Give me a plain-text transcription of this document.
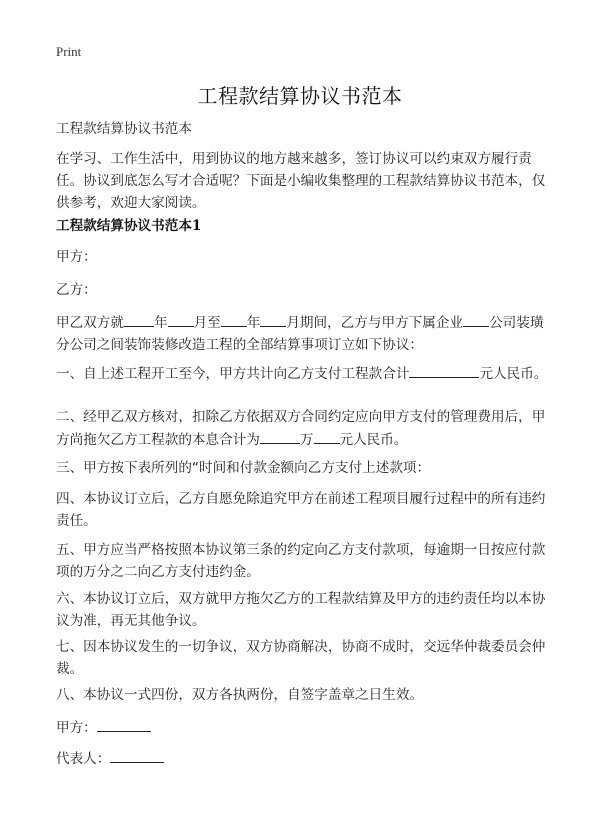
Print
工程款结算协议书范本

工程款结算协议书范本

在学习、工作生活中，用到协议的地方越来越多，签订协议可以约束双方履行责任。协议到底怎么写才合适呢？下面是小编收集整理的工程款结算协议书范本，仅供参考，欢迎大家阅读。

工程款结算协议书范本1

甲方：

乙方：

甲乙双方就 年 月至 年 月期间，乙方与甲方下属企业 公司装璜分公司之间装饰装修改造工程的全部结算事项订立如下协议：

一、自上述工程开工至今，甲方共计向乙方支付工程款合计	元人民币。

二、经甲乙双方核对，扣除乙方依据双方合同约定应向甲方支付的管理费用后，甲方尚拖欠乙方工程款的本息合计为	万 元人民币。

三、甲方按下表所列的“时间和付款金额向乙方支付上述款项：

四、本协议订立后，乙方自愿免除追究甲方在前述工程项目履行过程中的所有违约责任。

五、甲方应当严格按照本协议第三条的约定向乙方支付款项，每逾期一日按应付款项的万分之二向乙方支付违约金。

六、本协议订立后，双方就甲方拖欠乙方的工程款结算及甲方的违约责任均以本协议为准，再无其他争议。

七、因本协议发生的一切争议，双方协商解决，协商不成时，交远华仲裁委员会仲裁。

八、本协议一式四份，双方各执两份，自签字盖章之日生效。

甲方：

代表人：
